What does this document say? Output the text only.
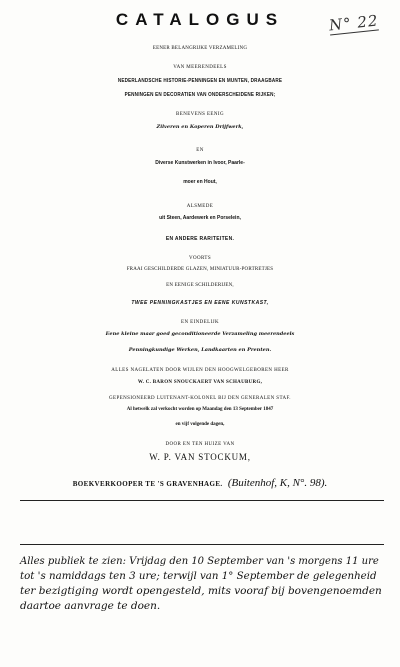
N° 22
CATALOGUS
EENER BELANGRIJKE VERZAMELING
VAN MEERENDEELS
NEDERLANDSCHE HISTORIE-PENNINGEN EN MUNTEN, DRAAGBARE
PENNINGEN EN DECORATIEN VAN ONDERSCHEIDENE RIJKEN;
BENEVENS EENIG
Zilveren en Koperen Drijfwerk,
EN
Diverse Kunstwerken in Ivoor, Paarle-
moer en Hout,
ALSMEDE
uit Steen, Aardewerk en Porselein,
EN ANDERE RARITEITEN.
VOORTS
FRAAI GESCHILDERDE GLAZEN, MINIATUUR-PORTRETJES
EN EENIGE SCHILDERIJEN,
TWEE PENNINGKASTJES EN EENE KUNSTKAST,
EN EINDELIJK
Eene kleine maar goed geconditioneerde Verzameling meerendeels
Penningkundige Werken, Landkaarten en Prenten.
ALLES NAGELATEN DOOR WIJLEN DEN HOOGWELGEBOREN HEER
W. C. BARON SNOUCKAERT VAN SCHAUBURG,
GEPENSIONEERD LUITENANT-KOLONEL BIJ DEN GENERALEN STAF.
Al hetwelk zal verkocht worden op Maandag den 13 September 1847
en vijf volgende dagen,
DOOR EN TEN HUIZE VAN
W. P. VAN STOCKUM,
BOEKVERKOOPER TE 'S GRAVENHAGE. (Buitenhof, K, N°. 98).
Alles publiek te zien: Vrijdag den 10 September van 's morgens 11 ure
tot 's namiddags ten 3 ure; terwijl van 1° September de gelegenheid
ter bezigtiging wordt opengesteld, mits vooraf bij bovengenoemden
daartoe aanvrage te doen.
